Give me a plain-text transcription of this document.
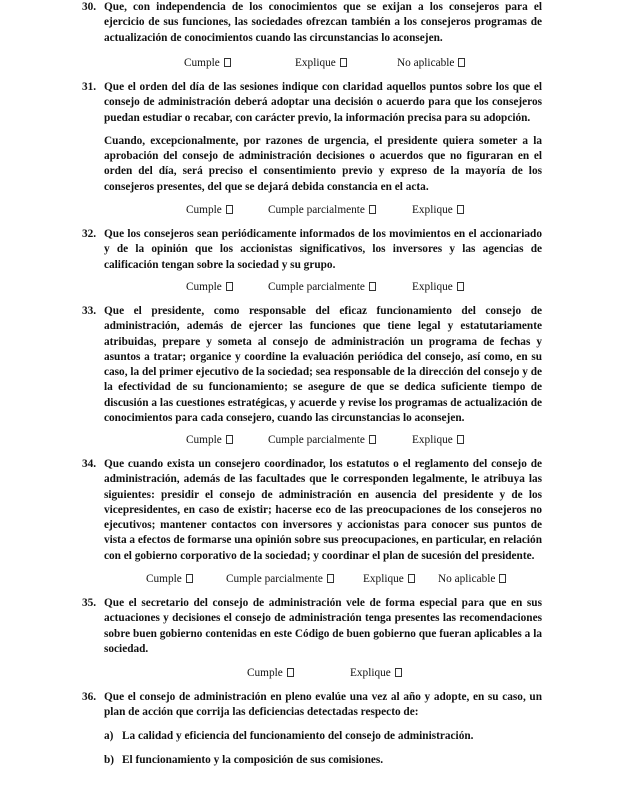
30. Que, con independencia de los conocimientos que se exijan a los consejeros para el ejercicio de sus funciones, las sociedades ofrezcan también a los consejeros programas de actualización de conocimientos cuando las circunstancias lo aconsejen.
Cumple	Explique	No aplicable
31. Que el orden del día de las sesiones indique con claridad aquellos puntos sobre los que el consejo de administración deberá adoptar una decisión o acuerdo para que los consejeros puedan estudiar o recabar, con carácter previo, la información precisa para su adopción.
Cuando, excepcionalmente, por razones de urgencia, el presidente quiera someter a la aprobación del consejo de administración decisiones o acuerdos que no figuraran en el orden del día, será preciso el consentimiento previo y expreso de la mayoría de los consejeros presentes, del que se dejará debida constancia en el acta.
Cumple	Cumple parcialmente	Explique
32. Que los consejeros sean periódicamente informados de los movimientos en el accionariado y de la opinión que los accionistas significativos, los inversores y las agencias de calificación tengan sobre la sociedad y su grupo.
Cumple	Cumple parcialmente	Explique
33. Que el presidente, como responsable del eficaz funcionamiento del consejo de administración, además de ejercer las funciones que tiene legal y estatutariamente atribuidas, prepare y someta al consejo de administración un programa de fechas y asuntos a tratar; organice y coordine la evaluación periódica del consejo, así como, en su caso, la del primer ejecutivo de la sociedad; sea responsable de la dirección del consejo y de la efectividad de su funcionamiento; se asegure de que se dedica suficiente tiempo de discusión a las cuestiones estratégicas, y acuerde y revise los programas de actualización de conocimientos para cada consejero, cuando las circunstancias lo aconsejen.
Cumple	Cumple parcialmente	Explique
34. Que cuando exista un consejero coordinador, los estatutos o el reglamento del consejo de administración, además de las facultades que le corresponden legalmente, le atribuya las siguientes: presidir el consejo de administración en ausencia del presidente y de los vicepresidentes, en caso de existir; hacerse eco de las preocupaciones de los consejeros no ejecutivos; mantener contactos con inversores y accionistas para conocer sus puntos de vista a efectos de formarse una opinión sobre sus preocupaciones, en particular, en relación con el gobierno corporativo de la sociedad; y coordinar el plan de sucesión del presidente.
Cumple	Cumple parcialmente	Explique	No aplicable
35. Que el secretario del consejo de administración vele de forma especial para que en sus actuaciones y decisiones el consejo de administración tenga presentes las recomendaciones sobre buen gobierno contenidas en este Código de buen gobierno que fueran aplicables a la sociedad.
Cumple	Explique
36. Que el consejo de administración en pleno evalúe una vez al año y adopte, en su caso, un plan de acción que corrija las deficiencias detectadas respecto de:
a) La calidad y eficiencia del funcionamiento del consejo de administración.
b) El funcionamiento y la composición de sus comisiones.
